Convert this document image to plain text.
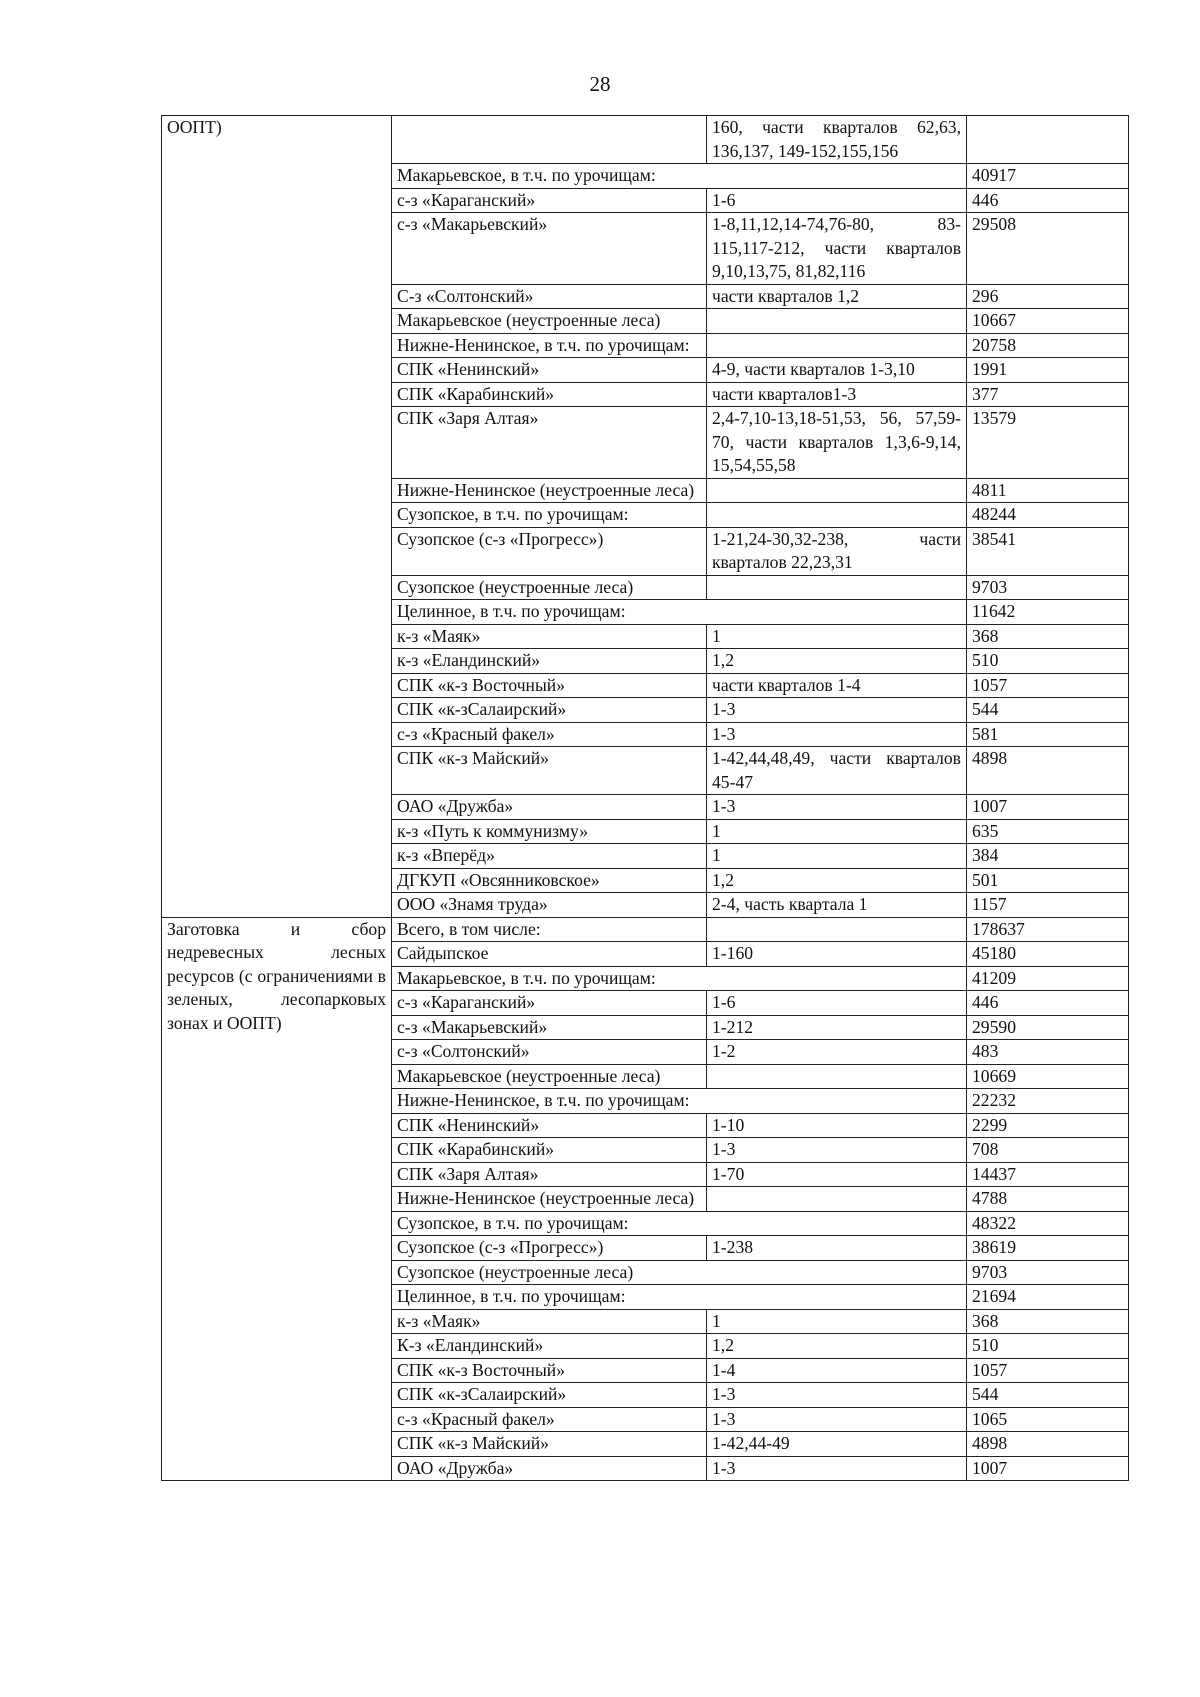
28
ООПТ)		160, части кварталов 62,63, 136,137, 149-152,155,156	
	Макарьевское, в т.ч. по урочищам:		40917
	с-з «Караганский»	1-6	446
	с-з «Макарьевский»	1-8,11,12,14-74,76-80, 83-115,117-212, части кварталов 9,10,13,75, 81,82,116	29508
	С-з «Солтонский»	части кварталов 1,2	296
	Макарьевское (неустроенные леса)		10667
	Нижне-Ненинское, в т.ч. по урочищам:		20758
	СПК «Ненинский»	4-9, части кварталов 1-3,10	1991
	СПК «Карабинский»	части кварталов1-3	377
	СПК «Заря Алтая»	2,4-7,10-13,18-51,53, 56, 57,59-70, части кварталов 1,3,6-9,14, 15,54,55,58	13579
	Нижне-Ненинское (неустроенные леса)		4811
	Сузопское, в т.ч. по урочищам:		48244
	Сузопское (с-з «Прогресс»)	1-21,24-30,32-238, части кварталов 22,23,31	38541
	Сузопское (неустроенные леса)		9703
	Целинное, в т.ч. по урочищам:		11642
	к-з «Маяк»	1	368
	к-з «Еландинский»	1,2	510
	СПК «к-з Восточный»	части кварталов 1-4	1057
	СПК «к-зСалаирский»	1-3	544
	с-з «Красный факел»	1-3	581
	СПК «к-з Майский»	1-42,44,48,49, части кварталов 45-47	4898
	ОАО «Дружба»	1-3	1007
	к-з «Путь к коммунизму»	1	635
	к-з «Вперёд»	1	384
	ДГКУП «Овсянниковское»	1,2	501
	ООО «Знамя труда»	2-4, часть квартала 1	1157
Заготовка и сбор недревесных лесных ресурсов (с ограничениями в зеленых, лесопарковых зонах и ООПТ)	Всего, в том числе:		178637
	Сайдыпское	1-160	45180
	Макарьевское, в т.ч. по урочищам:		41209
	с-з «Караганский»	1-6	446
	с-з «Макарьевский»	1-212	29590
	с-з «Солтонский»	1-2	483
	Макарьевское (неустроенные леса)		10669
	Нижне-Ненинское, в т.ч. по урочищам:		22232
	СПК «Ненинский»	1-10	2299
	СПК «Карабинский»	1-3	708
	СПК «Заря Алтая»	1-70	14437
	Нижне-Ненинское (неустроенные леса)		4788
	Сузопское, в т.ч. по урочищам:		48322
	Сузопское (с-з «Прогресс»)	1-238	38619
	Сузопское (неустроенные леса)		9703
	Целинное, в т.ч. по урочищам:		21694
	к-з «Маяк»	1	368
	К-з «Еландинский»	1,2	510
	СПК «к-з Восточный»	1-4	1057
	СПК «к-зСалаирский»	1-3	544
	с-з «Красный факел»	1-3	1065
	СПК «к-з Майский»	1-42,44-49	4898
	ОАО «Дружба»	1-3	1007
